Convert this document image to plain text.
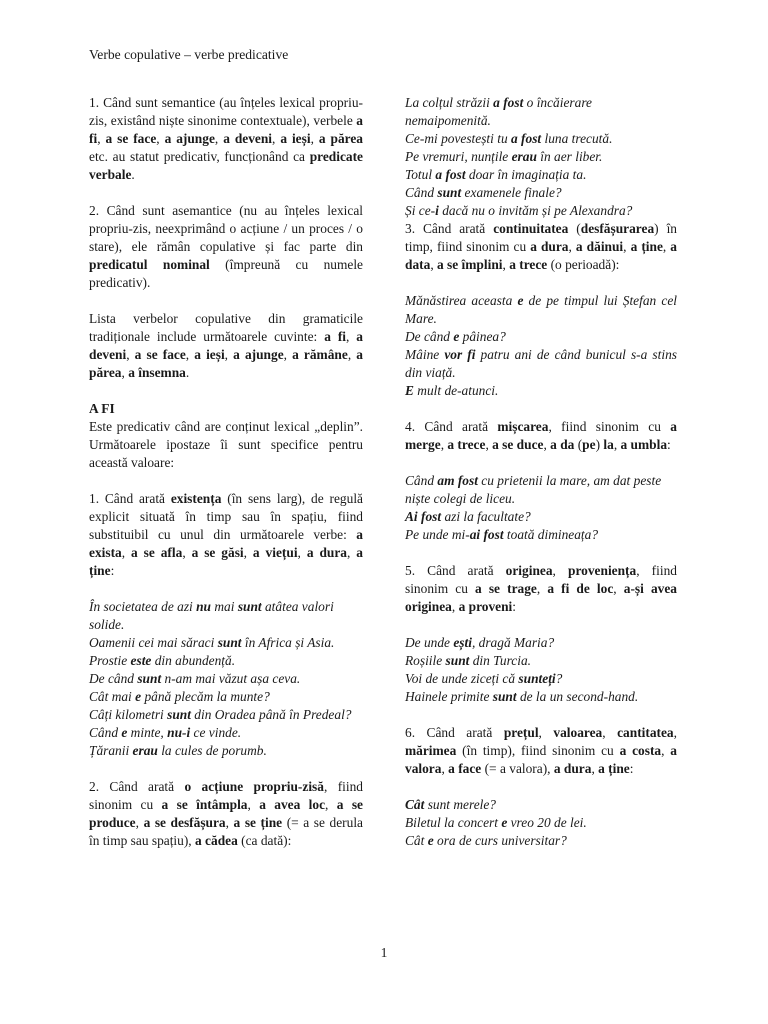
Verbe copulative – verbe predicative

1. Când sunt semantice (au înțeles lexical propriu-zis, existând niște sinonime contextuale), verbele a fi, a se face, a ajunge, a deveni, a ieși, a părea etc. au statut predicativ, funcționând ca predicate verbale.

2. Când sunt asemantice (nu au înțeles lexical propriu-zis, neexprimând o acțiune / un proces / o stare), ele rămân copulative și fac parte din predicatul nominal (împreună cu numele predicativ).

Lista verbelor copulative din gramaticile tradiționale include următoarele cuvinte: a fi, a deveni, a se face, a ieși, a ajunge, a rămâne, a părea, a însemna.

A FI

Este predicativ când are conținut lexical „deplin”. Următoarele ipostaze îi sunt specifice pentru această valoare:

1. Când arată existența (în sens larg), de regulă explicit situată în timp sau în spațiu, fiind substituibil cu unul din următoarele verbe: a exista, a se afla, a se găsi, a viețui, a dura, a ține:

În societatea de azi nu mai sunt atâtea valori solide.

Oamenii cei mai săraci sunt în Africa și Asia.

Prostie este din abundență.

De când sunt n-am mai văzut așa ceva.

Cât mai e până plecăm la munte?

Câți kilometri sunt din Oradea până în Predeal?

Când e minte, nu-i ce vinde.

Țăranii erau la cules de porumb.

2. Când arată o acțiune propriu-zisă, fiind sinonim cu a se întâmpla, a avea loc, a se produce, a se desfășura, a se ține (= a se derula în timp sau spațiu), a cădea (ca dată):

La colțul străzii a fost o încăierare nemaipomenită.

Ce-mi povestești tu a fost luna trecută.

Pe vremuri, nunțile erau în aer liber.

Totul a fost doar în imaginația ta.

Când sunt examenele finale?

Și ce-i dacă nu o invităm și pe Alexandra?

3. Când arată continuitatea (desfășurarea) în timp, fiind sinonim cu a dura, a dăinui, a ține, a data, a se împlini, a trece (o perioadă):

Mănăstirea aceasta e de pe timpul lui Ștefan cel Mare.

De când e pâinea?

Mâine vor fi patru ani de când bunicul s-a stins din viață.

E mult de-atunci.

4. Când arată mișcarea, fiind sinonim cu a merge, a trece, a se duce, a da (pe) la, a umbla:

Când am fost cu prietenii la mare, am dat peste niște colegi de liceu.

Ai fost azi la facultate?

Pe unde mi-ai fost toată dimineața?

5. Când arată originea, proveniența, fiind sinonim cu a se trage, a fi de loc, a-și avea originea, a proveni:

De unde ești, dragă Maria?

Roșiile sunt din Turcia.

Voi de unde ziceți că sunteți?

Hainele primite sunt de la un second-hand.

6. Când arată prețul, valoarea, cantitatea, mărimea (în timp), fiind sinonim cu a costa, a valora, a face (= a valora), a dura, a ține:

Cât sunt merele?

Biletul la concert e vreo 20 de lei.

Cât e ora de curs universitar?

1
